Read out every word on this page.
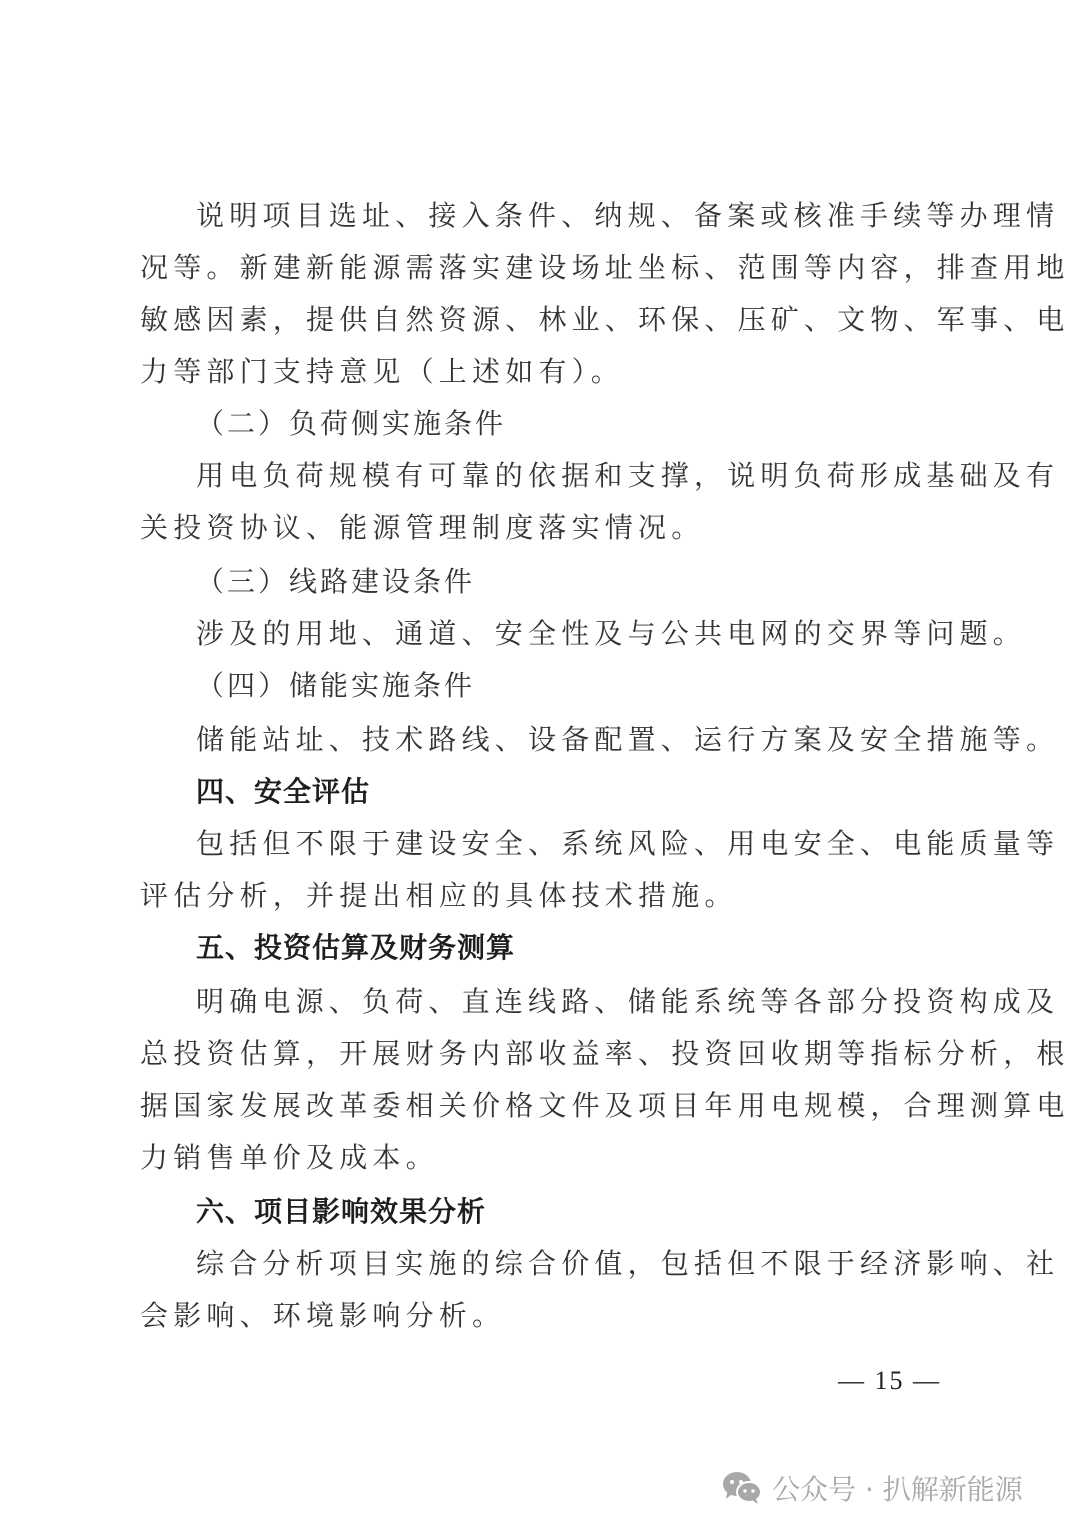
说明项目选址、接入条件、纳规、备案或核准手续等办理情
况等。新建新能源需落实建设场址坐标、范围等内容，排查用地
敏感因素，提供自然资源、林业、环保、压矿、文物、军事、电
力等部门支持意见（上述如有）。
（二）负荷侧实施条件
用电负荷规模有可靠的依据和支撑，说明负荷形成基础及有
关投资协议、能源管理制度落实情况。
（三）线路建设条件
涉及的用地、通道、安全性及与公共电网的交界等问题。
（四）储能实施条件
储能站址、技术路线、设备配置、运行方案及安全措施等。
四、安全评估
包括但不限于建设安全、系统风险、用电安全、电能质量等
评估分析，并提出相应的具体技术措施。
五、投资估算及财务测算
明确电源、负荷、直连线路、储能系统等各部分投资构成及
总投资估算，开展财务内部收益率、投资回收期等指标分析，根
据国家发展改革委相关价格文件及项目年用电规模，合理测算电
力销售单价及成本。
六、项目影响效果分析
综合分析项目实施的综合价值，包括但不限于经济影响、社
会影响、环境影响分析。
— 15 —
公众号 · 扒解新能源
